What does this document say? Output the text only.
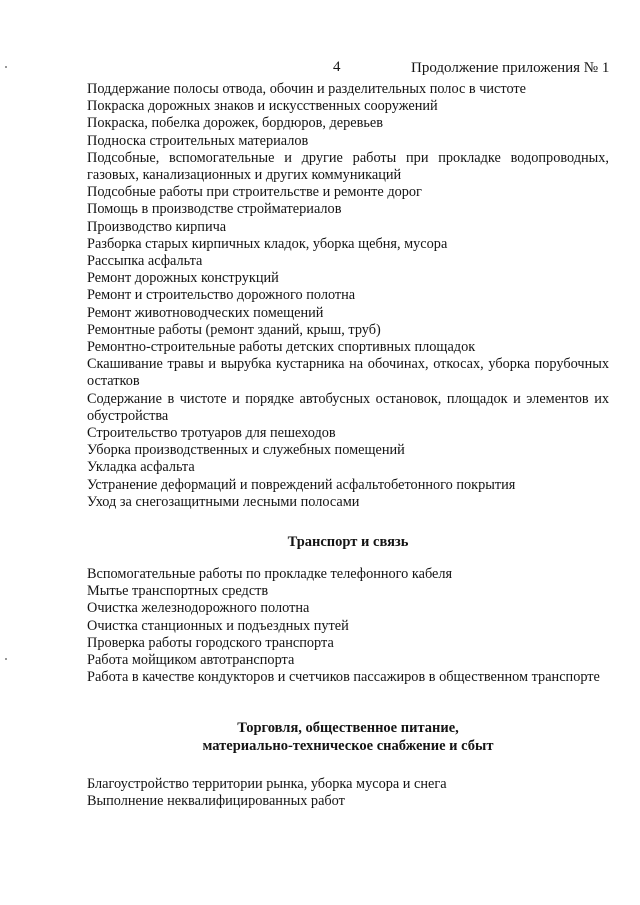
4	Продолжение приложения № 1
Поддержание полосы отвода, обочин и разделительных полос в чистоте
Покраска дорожных знаков и искусственных сооружений
Покраска, побелка дорожек, бордюров, деревьев
Подноска строительных материалов
Подсобные, вспомогательные и другие работы при прокладке водопроводных, газовых, канализационных и других коммуникаций
Подсобные работы при строительстве и ремонте дорог
Помощь в производстве стройматериалов
Производство кирпича
Разборка старых кирпичных кладок, уборка щебня, мусора
Рассыпка асфальта
Ремонт дорожных конструкций
Ремонт и строительство дорожного полотна
Ремонт животноводческих помещений
Ремонтные работы (ремонт зданий, крыш, труб)
Ремонтно-строительные работы детских спортивных площадок
Скашивание травы и вырубка кустарника на обочинах, откосах, уборка порубочных остатков
Содержание в чистоте и порядке автобусных остановок, площадок и элементов их обустройства
Строительство тротуаров для пешеходов
Уборка производственных и служебных помещений
Укладка асфальта
Устранение деформаций и повреждений асфальтобетонного покрытия
Уход за снегозащитными лесными полосами
Транспорт и связь
Вспомогательные работы по прокладке телефонного кабеля
Мытье транспортных средств
Очистка железнодорожного полотна
Очистка станционных и подъездных путей
Проверка работы городского транспорта
Работа мойщиком автотранспорта
Работа в качестве кондукторов и счетчиков пассажиров в общественном транспорте
Торговля, общественное питание,
материально-техническое снабжение и сбыт
Благоустройство территории рынка, уборка мусора и снега
Выполнение неквалифицированных работ
